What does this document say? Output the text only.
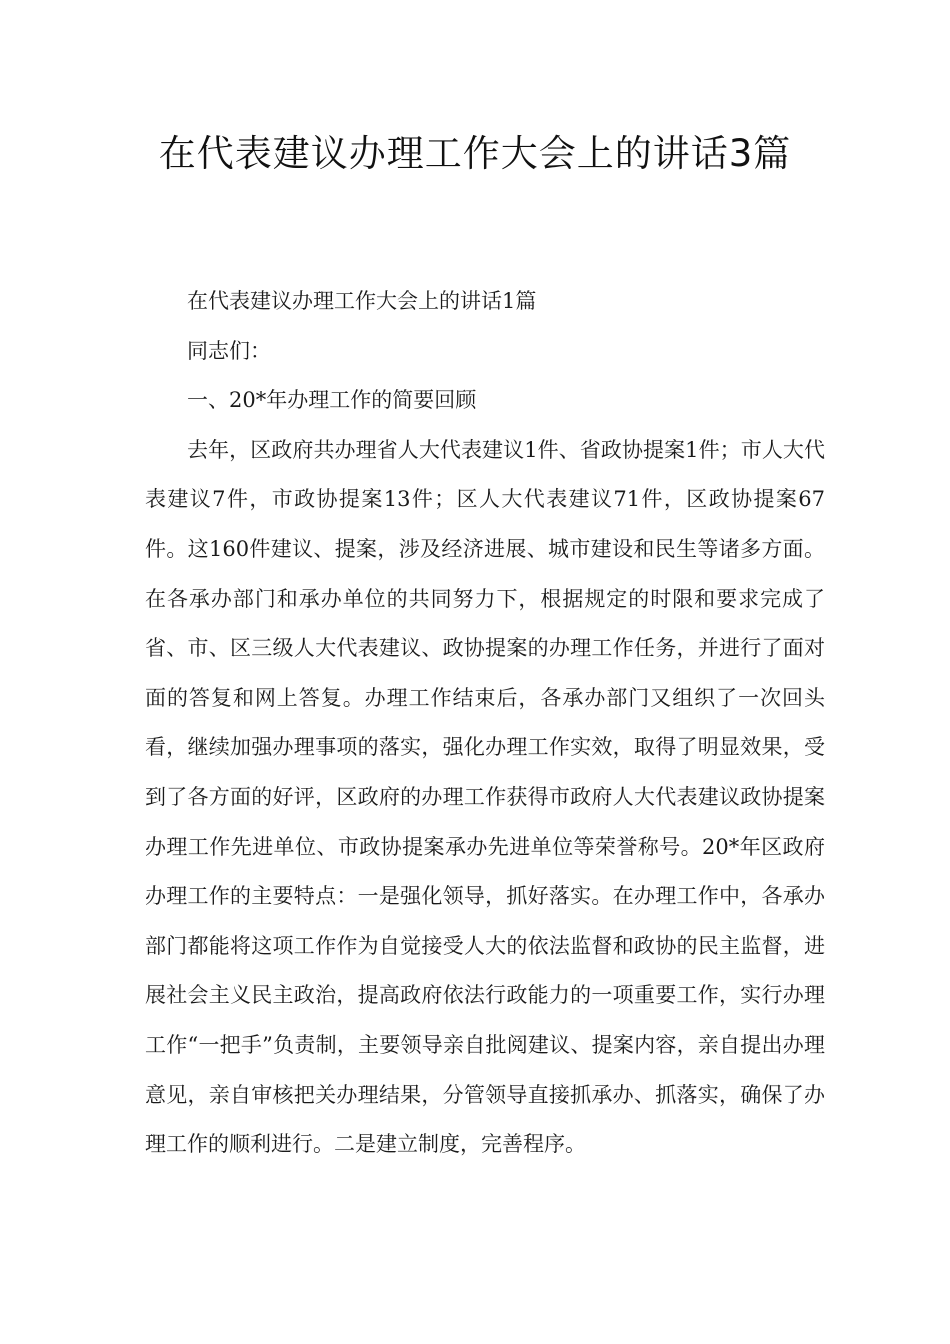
在代表建议办理工作大会上的讲话3篇

在代表建议办理工作大会上的讲话1篇

同志们：

一、20*年办理工作的简要回顾

去年，区政府共办理省人大代表建议1件、省政协提案1件；市人大代表建议7件，市政协提案13件；区人大代表建议71件，区政协提案67件。这160件建议、提案，涉及经济进展、城市建设和民生等诸多方面。在各承办部门和承办单位的共同努力下，根据规定的时限和要求完成了省、市、区三级人大代表建议、政协提案的办理工作任务，并进行了面对面的答复和网上答复。办理工作结束后，各承办部门又组织了一次回头看，继续加强办理事项的落实，强化办理工作实效，取得了明显效果，受到了各方面的好评，区政府的办理工作获得市政府人大代表建议政协提案办理工作先进单位、市政协提案承办先进单位等荣誉称号。20*年区政府办理工作的主要特点：一是强化领导，抓好落实。在办理工作中，各承办部门都能将这项工作作为自觉接受人大的依法监督和政协的民主监督，进展社会主义民主政治，提高政府依法行政能力的一项重要工作，实行办理工作“一把手”负责制，主要领导亲自批阅建议、提案内容，亲自提出办理意见，亲自审核把关办理结果，分管领导直接抓承办、抓落实，确保了办理工作的顺利进行。二是建立制度，完善程序。
